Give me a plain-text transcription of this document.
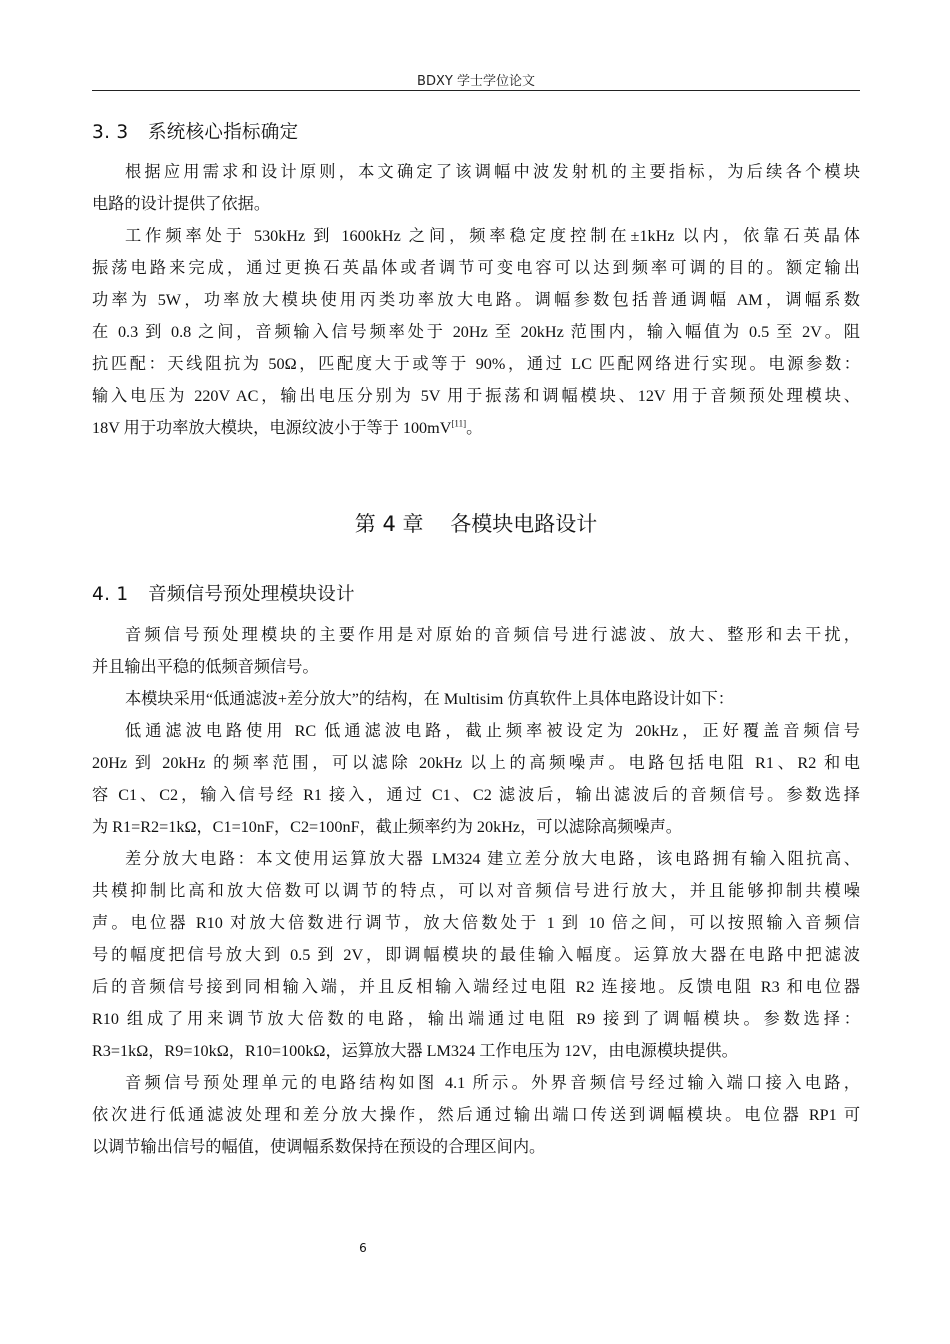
BDXY 学士学位论文
3. 3 系统核心指标确定
根据应用需求和设计原则，本文确定了该调幅中波发射机的主要指标，为后续各个模块
电路的设计提供了依据。
工作频率处于 530kHz 到 1600kHz 之间，频率稳定度控制在±1kHz 以内，依靠石英晶体
振荡电路来完成，通过更换石英晶体或者调节可变电容可以达到频率可调的目的。额定输出
功率为 5W，功率放大模块使用丙类功率放大电路。调幅参数包括普通调幅 AM，调幅系数
在 0.3 到 0.8 之间，音频输入信号频率处于 20Hz 至 20kHz 范围内，输入幅值为 0.5 至 2V。阻
抗匹配：天线阻抗为 50Ω，匹配度大于或等于 90%，通过 LC 匹配网络进行实现。电源参数：
输入电压为 220V AC，输出电压分别为 5V 用于振荡和调幅模块、12V 用于音频预处理模块、
18V 用于功率放大模块，电源纹波小于等于 100mV[11]。
第 4 章    各模块电路设计
4. 1 音频信号预处理模块设计
音频信号预处理模块的主要作用是对原始的音频信号进行滤波、放大、整形和去干扰，
并且输出平稳的低频音频信号。
本模块采用“低通滤波+差分放大”的结构，在 Multisim 仿真软件上具体电路设计如下：
低通滤波电路使用 RC 低通滤波电路，截止频率被设定为 20kHz，正好覆盖音频信号
20Hz 到 20kHz 的频率范围，可以滤除 20kHz 以上的高频噪声。电路包括电阻 R1、R2 和电
容 C1、C2，输入信号经 R1 接入，通过 C1、C2 滤波后，输出滤波后的音频信号。参数选择
为 R1=R2=1kΩ，C1=10nF，C2=100nF，截止频率约为 20kHz，可以滤除高频噪声。
差分放大电路：本文使用运算放大器 LM324 建立差分放大电路，该电路拥有输入阻抗高、
共模抑制比高和放大倍数可以调节的特点，可以对音频信号进行放大，并且能够抑制共模噪
声。电位器 R10 对放大倍数进行调节，放大倍数处于 1 到 10 倍之间，可以按照输入音频信
号的幅度把信号放大到 0.5 到 2V，即调幅模块的最佳输入幅度。运算放大器在电路中把滤波
后的音频信号接到同相输入端，并且反相输入端经过电阻 R2 连接地。反馈电阻 R3 和电位器
R10 组成了用来调节放大倍数的电路，输出端通过电阻 R9 接到了调幅模块。参数选择：
R3=1kΩ，R9=10kΩ，R10=100kΩ，运算放大器 LM324 工作电压为 12V，由电源模块提供。
音频信号预处理单元的电路结构如图 4.1 所示。外界音频信号经过输入端口接入电路，
依次进行低通滤波处理和差分放大操作，然后通过输出端口传送到调幅模块。电位器 RP1 可
以调节输出信号的幅值，使调幅系数保持在预设的合理区间内。
6
